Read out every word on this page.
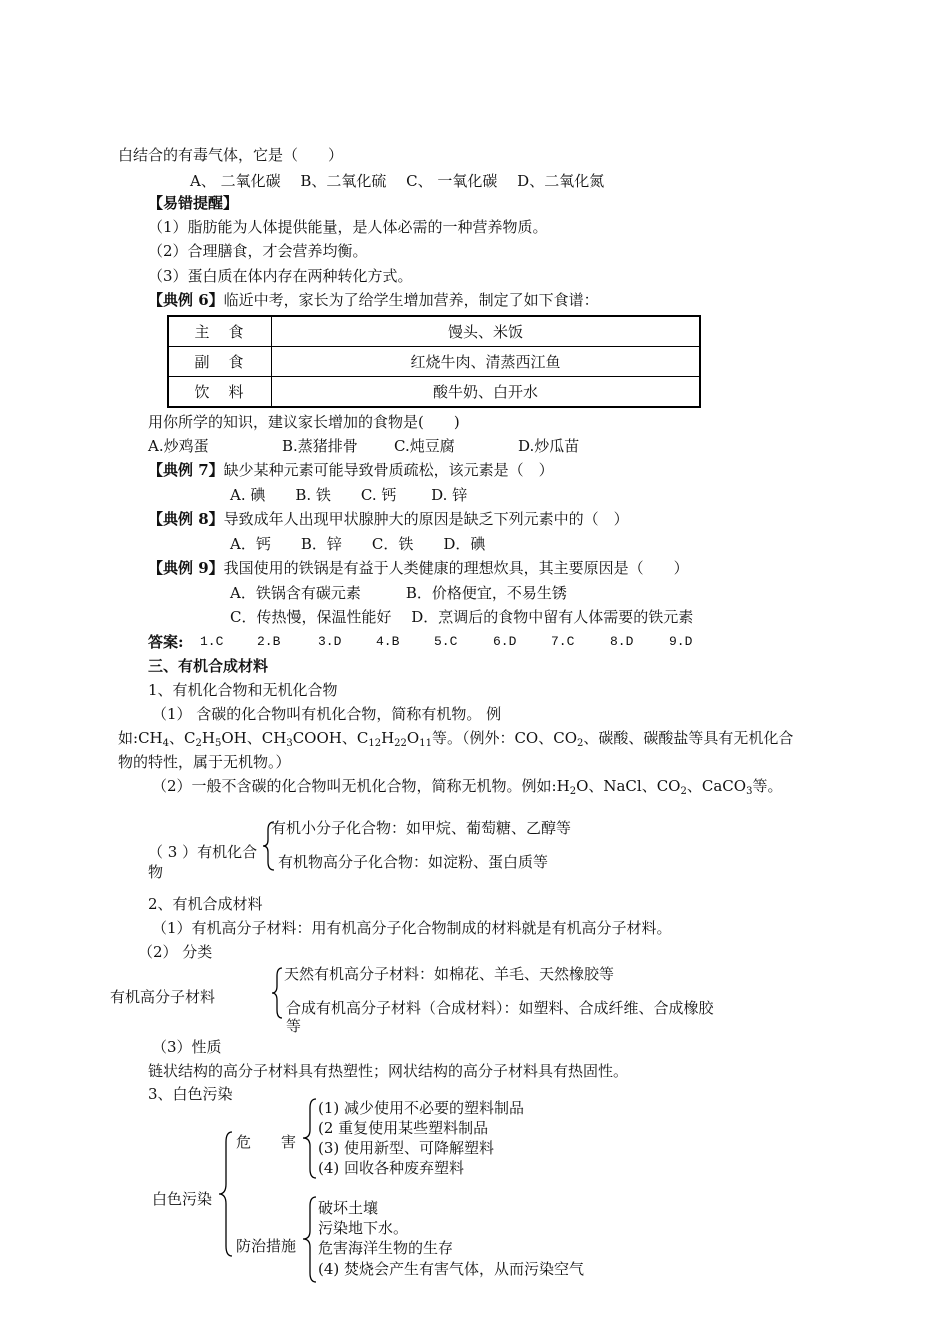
白结合的有毒气体，它是（　　）
A、 二氧化碳　 B、二氧化硫　 C、 一氧化碳　 D、二氧化氮
【易错提醒】
（1）脂肪能为人体提供能量，是人体必需的一种营养物质。
（2）合理膳食，才会营养均衡。
（3）蛋白质在体内存在两种转化方式。
【典例 6】临近中考，家长为了给学生增加营养，制定了如下食谱：
主　食	馒头、米饭
副　食	红烧牛肉、清蒸西江鱼
饮　料	酸牛奶、白开水
用你所学的知识，建议家长增加的食物是(　　)
A.炒鸡蛋	B.蒸猪排骨 C.炖豆腐	D.炒瓜苗
【典例 7】缺少某种元素可能导致骨质疏松，该元素是（　）
A. 碘　　B. 铁　　C. 钙　　 D. 锌
【典例 8】导致成年人出现甲状腺肿大的原因是缺乏下列元素中的（　）
A．钙　　B．锌　　C．铁　　D．碘
【典例 9】我国使用的铁锅是有益于人类健康的理想炊具，其主要原因是（　　）
A．铁锅含有碳元素　　　B．价格便宜，不易生锈
C．传热慢，保温性能好　 D．烹调后的食物中留有人体需要的铁元素
答案: 1.C	2.B	3.D	4.B	5.C	6.D	7.C	8.D	9.D
三、有机合成材料
1、有机化合物和无机化合物
（1） 含碳的化合物叫有机化合物，简称有机物。 例
如$:CH_4$、$C_2H_5OH$、$CH_3COOH$、$C_{12}H_{22}O_{11}$等。（例外：CO、$CO_2$、碳酸、碳酸盐等具有无机化合
物的特性，属于无机物。）
（2）一般不含碳的化合物叫无机化合物，简称无机物。例如$:H_2O$、NaCl、$CO_2$、CaCO$_3$等。
（ 3 ）有机化合
物
有机小分子化合物：如甲烷、葡萄糖、乙醇等
有机物高分子化合物：如淀粉、蛋白质等
2、有机合成材料
（1）有机高分子材料：用有机高分子化合物制成的材料就是有机高分子材料。
（2） 分类
有机高分子材料
天然有机高分子材料：如棉花、羊毛、天然橡胶等
合成有机高分子材料（合成材料）：如塑料、合成纤维、合成橡胶
等
（3）性质
链状结构的高分子材料具有热塑性；网状结构的高分子材料具有热固性。
3、白色污染
白色污染
危　　害
防治措施
(1) 减少使用不必要的塑料制品
(2 重复使用某些塑料制品
(3) 使用新型、可降解塑料
(4) 回收各种废弃塑料
破坏土壤
污染地下水。
危害海洋生物的生存
(4) 焚烧会产生有害气体，从而污染空气
